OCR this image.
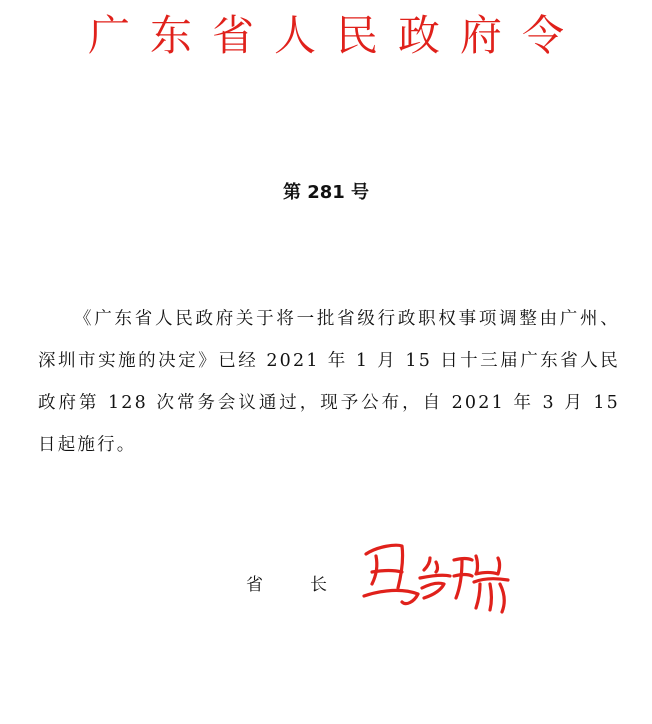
广东省人民政府令
第 281 号
《广东省人民政府关于将一批省级行政职权事项调整由广州、深圳市实施的决定》已经 2021 年 1 月 15 日十三届广东省人民政府第 128 次常务会议通过，现予公布，自 2021 年 3 月 15 日起施行。
省	长
